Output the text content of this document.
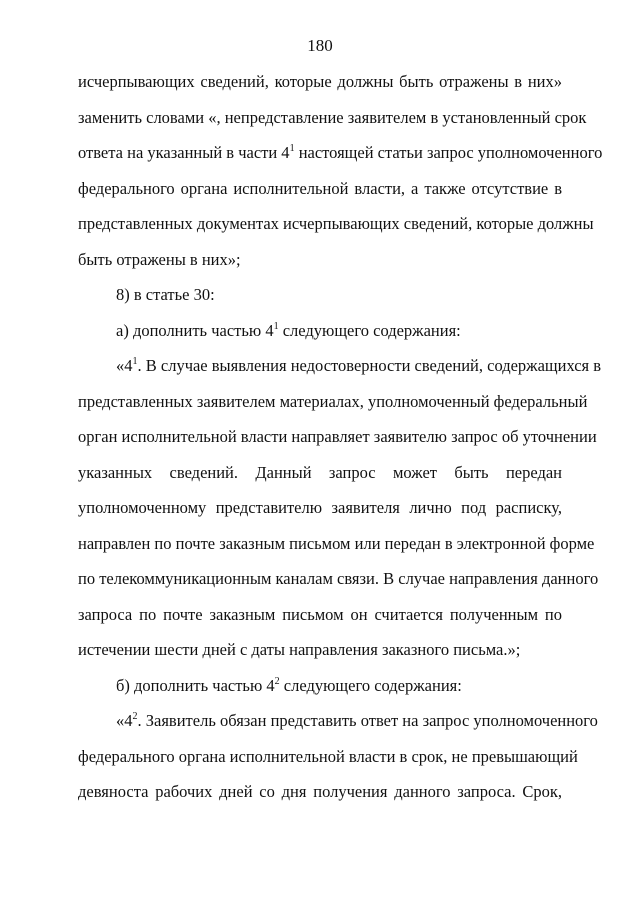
180
исчерпывающих сведений, которые должны быть отражены в них»
заменить словами «, непредставление заявителем в установленный срок
ответа на указанный в части $4^1$ настоящей статьи запрос уполномоченного
федерального органа исполнительной власти, а также отсутствие в
представленных документах исчерпывающих сведений, которые должны
быть отражены в них»;
8) в статье 30:
а) дополнить частью $4^1$ следующего содержания:
«$4^1$. В случае выявления недостоверности сведений, содержащихся в
представленных заявителем материалах, уполномоченный федеральный
орган исполнительной власти направляет заявителю запрос об уточнении
указанных сведений. Данный запрос может быть передан
уполномоченному представителю заявителя лично под расписку,
направлен по почте заказным письмом или передан в электронной форме
по телекоммуникационным каналам связи. В случае направления данного
запроса по почте заказным письмом он считается полученным по
истечении шести дней с даты направления заказного письма.»;
б) дополнить частью $4^2$ следующего содержания:
«$4^2$. Заявитель обязан представить ответ на запрос уполномоченного
федерального органа исполнительной власти в срок, не превышающий
девяноста рабочих дней со дня получения данного запроса. Срок,
